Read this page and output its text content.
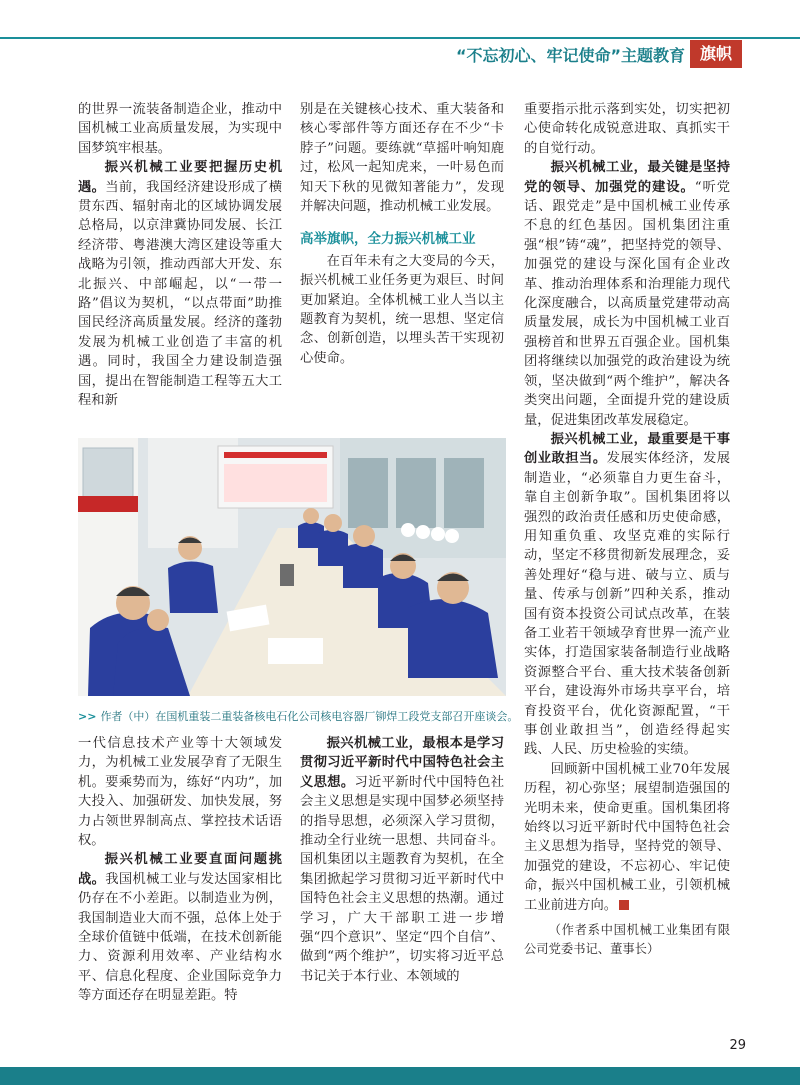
“不忘初心、牢记使命”主题教育 旗帜

的世界一流装备制造企业，推动中国机械工业高质量发展，为实现中国梦筑牢根基。

振兴机械工业要把握历史机遇。当前，我国经济建设形成了横贯东西、辐射南北的区域协调发展总格局，以京津冀协同发展、长江经济带、粤港澳大湾区建设等重大战略为引领，推动西部大开发、东北振兴、中部崛起，以“一带一路”倡议为契机，“以点带面”助推国民经济高质量发展。经济的蓬勃发展为机械工业创造了丰富的机遇。同时，我国全力建设制造强国，提出在智能制造工程等五大工程和新

别是在关键核心技术、重大装备和核心零部件等方面还存在不少“卡脖子”问题。要练就“草摇叶响知鹿过，松风一起知虎来，一叶易色而知天下秋的见微知著能力”，发现并解决问题，推动机械工业发展。

高举旗帜，全力振兴机械工业

在百年未有之大变局的今天，振兴机械工业任务更为艰巨、时间更加紧迫。全体机械工业人当以主题教育为契机，统一思想、坚定信念、创新创造，以埋头苦干实现初心使命。

重要指示批示落到实处，切实把初心使命转化成锐意进取、真抓实干的自觉行动。

振兴机械工业，最关键是坚持党的领导、加强党的建设。“听党话、跟党走”是中国机械工业传承不息的红色基因。国机集团注重强“根”铸“魂”，把坚持党的领导、加强党的建设与深化国有企业改革、推动治理体系和治理能力现代化深度融合，以高质量党建带动高质量发展，成长为中国机械工业百强榜首和世界五百强企业。国机集团将继续以加强党的政治建设为统领，坚决做到“两个维护”，解决各类突出问题，全面提升党的建设质量，促进集团改革发展稳定。

振兴机械工业，最重要是干事创业敢担当。发展实体经济，发展制造业，“必须靠自力更生奋斗，靠自主创新争取”。国机集团将以强烈的政治责任感和历史使命感，用知重负重、攻坚克难的实际行动，坚定不移贯彻新发展理念，妥善处理好“稳与进、破与立、质与量、传承与创新”四种关系，推动国有资本投资公司试点改革，在装备工业若干领域孕育世界一流产业实体，打造国家装备制造行业战略资源整合平台、重大技术装备创新平台，建设海外市场共享平台，培育投资平台，优化资源配置，“干事创业敢担当”，创造经得起实践、人民、历史检验的实绩。

回顾新中国机械工业70年发展历程，初心弥坚；展望制造强国的光明未来，使命更重。国机集团将始终以习近平新时代中国特色社会主义思想为指导，坚持党的领导、加强党的建设，不忘初心、牢记使命，振兴中国机械工业，引领机械工业前进方向。

（作者系中国机械工业集团有限公司党委书记、董事长）

>> 作者（中）在国机重装二重装备核电石化公司核电容器厂铆焊工段党支部召开座谈会。

一代信息技术产业等十大领域发力，为机械工业发展孕育了无限生机。要乘势而为，练好“内功”，加大投入、加强研发、加快发展，努力占领世界制高点、掌控技术话语权。

振兴机械工业要直面问题挑战。我国机械工业与发达国家相比仍存在不小差距。以制造业为例，我国制造业大而不强，总体上处于全球价值链中低端，在技术创新能力、资源利用效率、产业结构水平、信息化程度、企业国际竞争力等方面还存在明显差距。特

振兴机械工业，最根本是学习贯彻习近平新时代中国特色社会主义思想。习近平新时代中国特色社会主义思想是实现中国梦必须坚持的指导思想，必须深入学习贯彻，推动全行业统一思想、共同奋斗。国机集团以主题教育为契机，在全集团掀起学习贯彻习近平新时代中国特色社会主义思想的热潮。通过学习，广大干部职工进一步增强“四个意识”、坚定“四个自信”、做到“两个维护”，切实将习近平总书记关于本行业、本领域的

29
